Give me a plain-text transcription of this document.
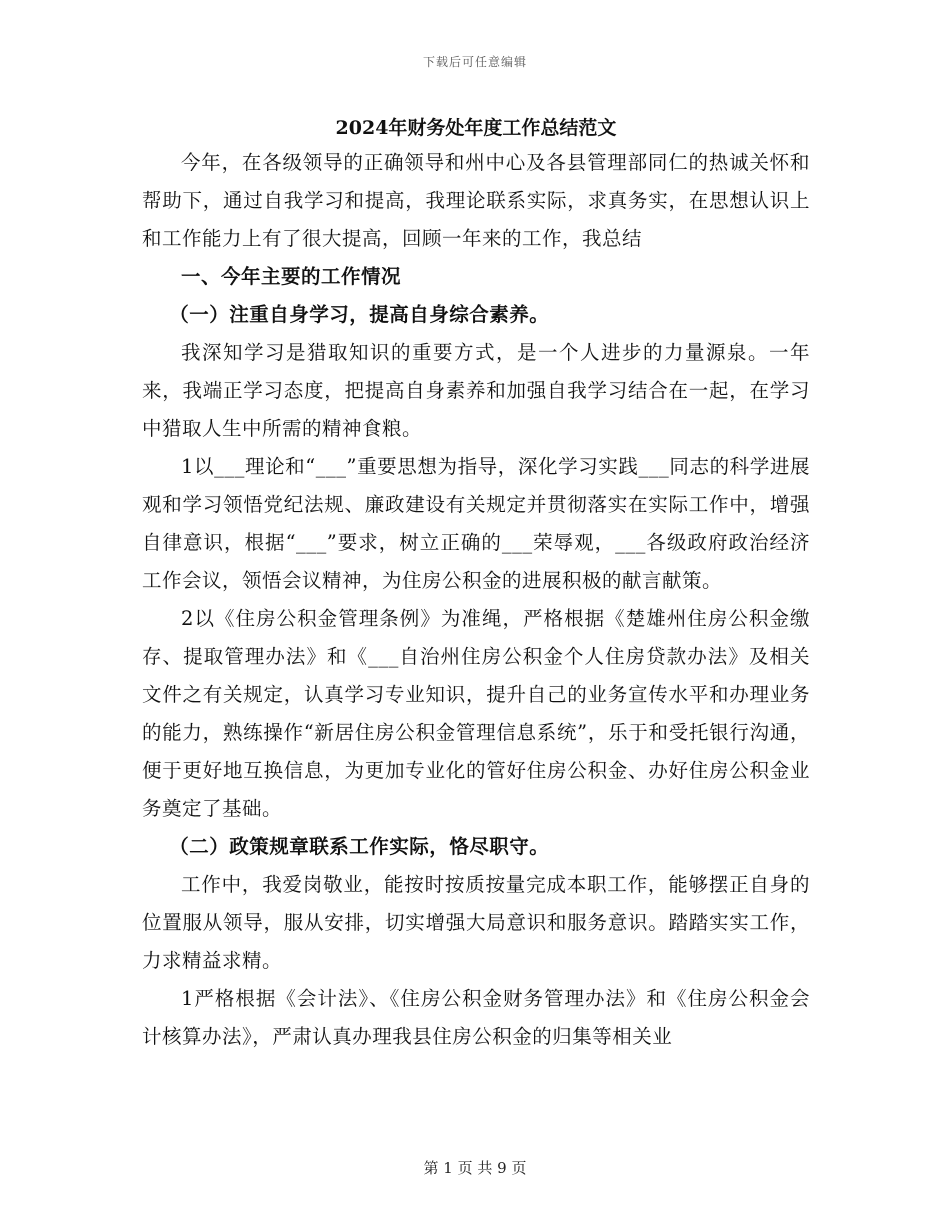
下载后可任意编辑

2024年财务处年度工作总结范文

今年，在各级领导的正确领导和州中心及各县管理部同仁的热诚关怀和帮助下，通过自我学习和提高，我理论联系实际，求真务实，在思想认识上和工作能力上有了很大提高，回顾一年来的工作，我总结

一、今年主要的工作情况

（一）注重自身学习，提高自身综合素养。

我深知学习是猎取知识的重要方式，是一个人进步的力量源泉。一年来，我端正学习态度，把提高自身素养和加强自我学习结合在一起，在学习中猎取人生中所需的精神食粮。

1以___理论和“___”重要思想为指导，深化学习实践___同志的科学进展观和学习领悟党纪法规、廉政建设有关规定并贯彻落实在实际工作中，增强自律意识，根据“___”要求，树立正确的___荣辱观，___各级政府政治经济工作会议，领悟会议精神，为住房公积金的进展积极的献言献策。

2以《住房公积金管理条例》为准绳，严格根据《楚雄州住房公积金缴存、提取管理办法》和《___自治州住房公积金个人住房贷款办法》及相关文件之有关规定，认真学习专业知识，提升自己的业务宣传水平和办理业务的能力，熟练操作“新居住房公积金管理信息系统”，乐于和受托银行沟通，便于更好地互换信息，为更加专业化的管好住房公积金、办好住房公积金业务奠定了基础。

（二）政策规章联系工作实际，恪尽职守。

工作中，我爱岗敬业，能按时按质按量完成本职工作，能够摆正自身的位置服从领导，服从安排，切实增强大局意识和服务意识。踏踏实实工作，力求精益求精。

1严格根据《会计法》、《住房公积金财务管理办法》和《住房公积金会计核算办法》，严肃认真办理我县住房公积金的归集等相关业

第 1 页 共 9 页
